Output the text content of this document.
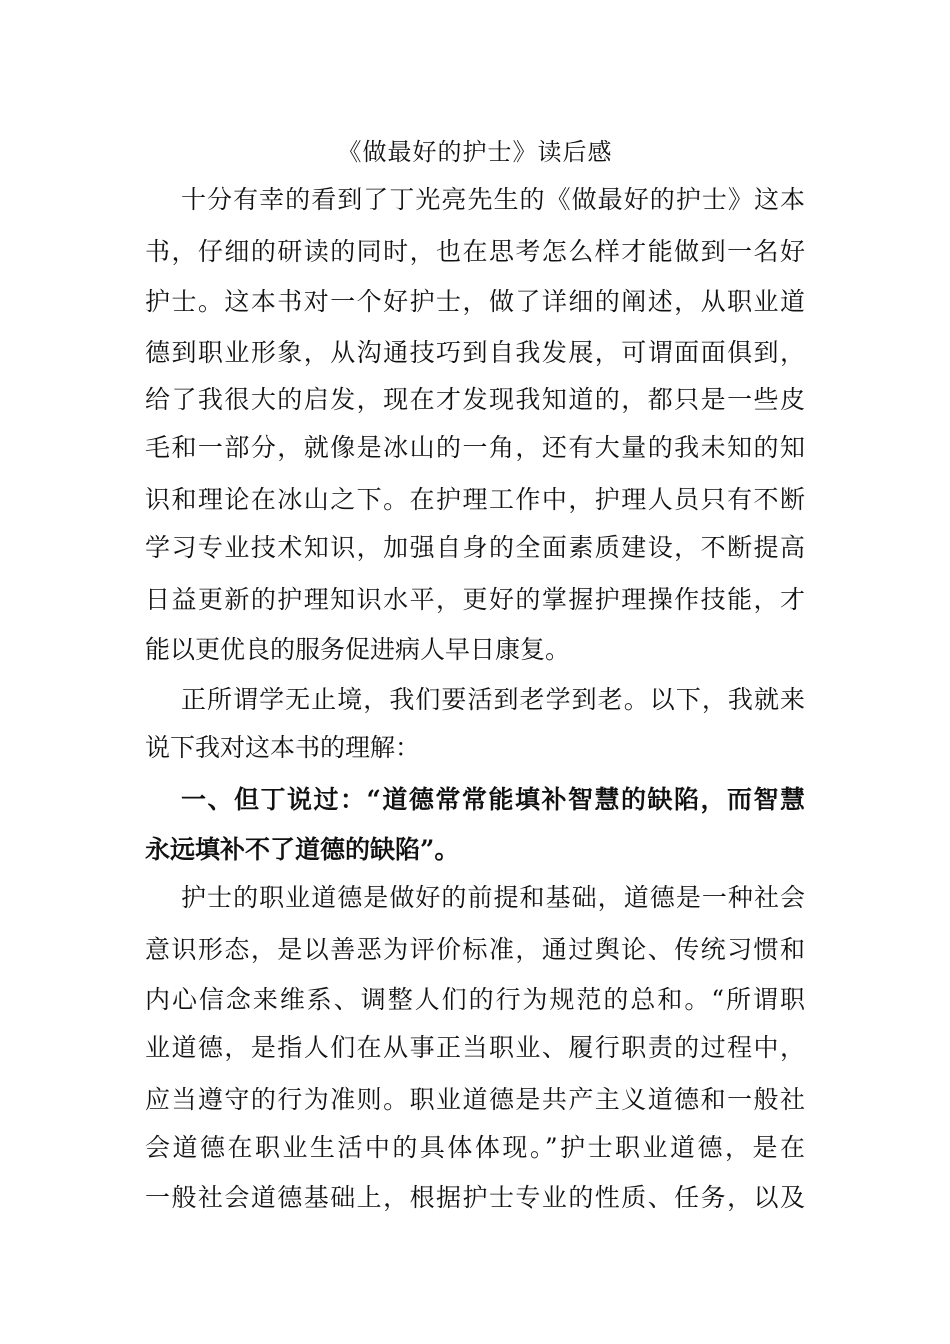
《做最好的护士》读后感
十分有幸的看到了丁光亮先生的《做最好的护士》这本
书，仔细的研读的同时，也在思考怎么样才能做到一名好
护士。这本书对一个好护士，做了详细的阐述，从职业道
德到职业形象，从沟通技巧到自我发展，可谓面面俱到，
给了我很大的启发，现在才发现我知道的，都只是一些皮
毛和一部分，就像是冰山的一角，还有大量的我未知的知
识和理论在冰山之下。在护理工作中，护理人员只有不断
学习专业技术知识，加强自身的全面素质建设，不断提高
日益更新的护理知识水平，更好的掌握护理操作技能，才
能以更优良的服务促进病人早日康复。
正所谓学无止境，我们要活到老学到老。以下，我就来
说下我对这本书的理解：
一、但丁说过：“道德常常能填补智慧的缺陷，而智慧
永远填补不了道德的缺陷”。
护士的职业道德是做好的前提和基础，道德是一种社会
意识形态，是以善恶为评价标准，通过舆论、传统习惯和
内心信念来维系、调整人们的行为规范的总和。“所谓职
业道德，是指人们在从事正当职业、履行职责的过程中，
应当遵守的行为准则。职业道德是共产主义道德和一般社
会道德在职业生活中的具体体现。”护士职业道德，是在
一般社会道德基础上，根据护士专业的性质、任务，以及
